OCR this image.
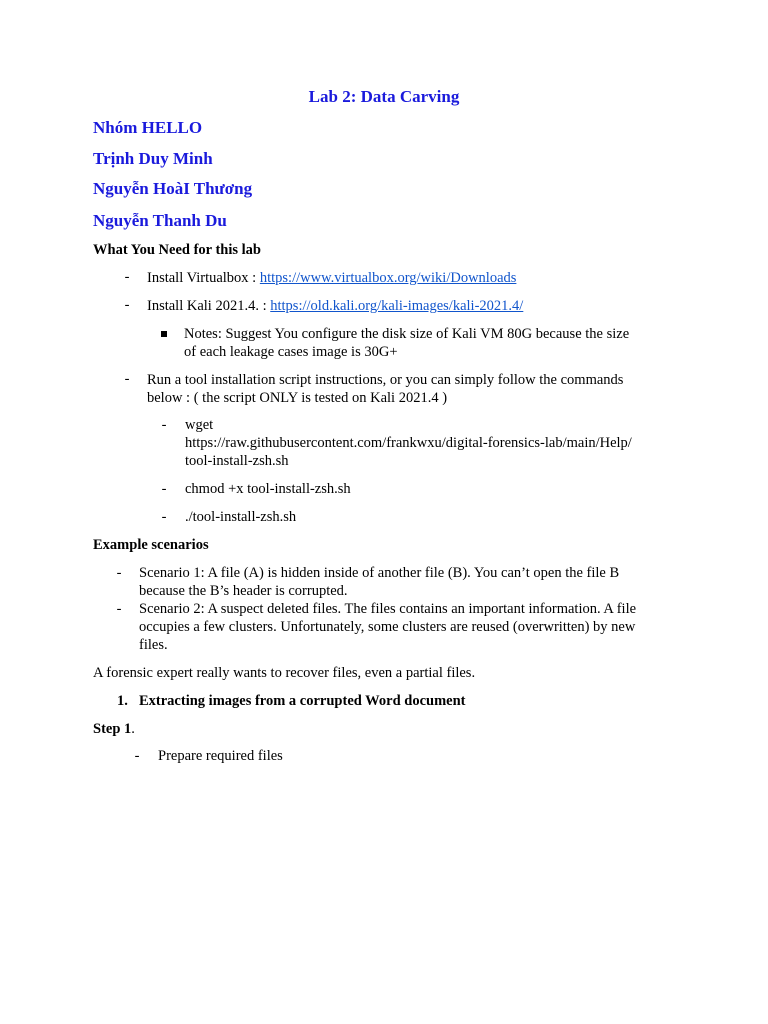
Lab 2: Data Carving
Nhóm HELLO
Trịnh Duy Minh
Nguyễn HoàI Thương
Nguyễn Thanh Du
What You Need for this lab
-	Install Virtualbox : https://www.virtualbox.org/wiki/Downloads
-	Install Kali 2021.4. : https://old.kali.org/kali-images/kali-2021.4/
Notes: Suggest You configure the disk size of Kali VM 80G because the size
of each leakage cases image is 30G+
-	Run a tool installation script instructions, or you can simply follow the commands
below : ( the script ONLY is tested on Kali 2021.4 )
-	wget
https://raw.githubusercontent.com/frankwxu/digital-forensics-lab/main/Help/
tool-install-zsh.sh
-	chmod +x tool-install-zsh.sh
-	./tool-install-zsh.sh
Example scenarios
-	Scenario 1: A file (A) is hidden inside of another file (B). You can’t open the file B
because the B’s header is corrupted.
-	Scenario 2: A suspect deleted files. The files contains an important information. A file
occupies a few clusters. Unfortunately, some clusters are reused (overwritten) by new
files.
A forensic expert really wants to recover files, even a partial files.
1. Extracting images from a corrupted Word document
Step 1.
-	Prepare required files
